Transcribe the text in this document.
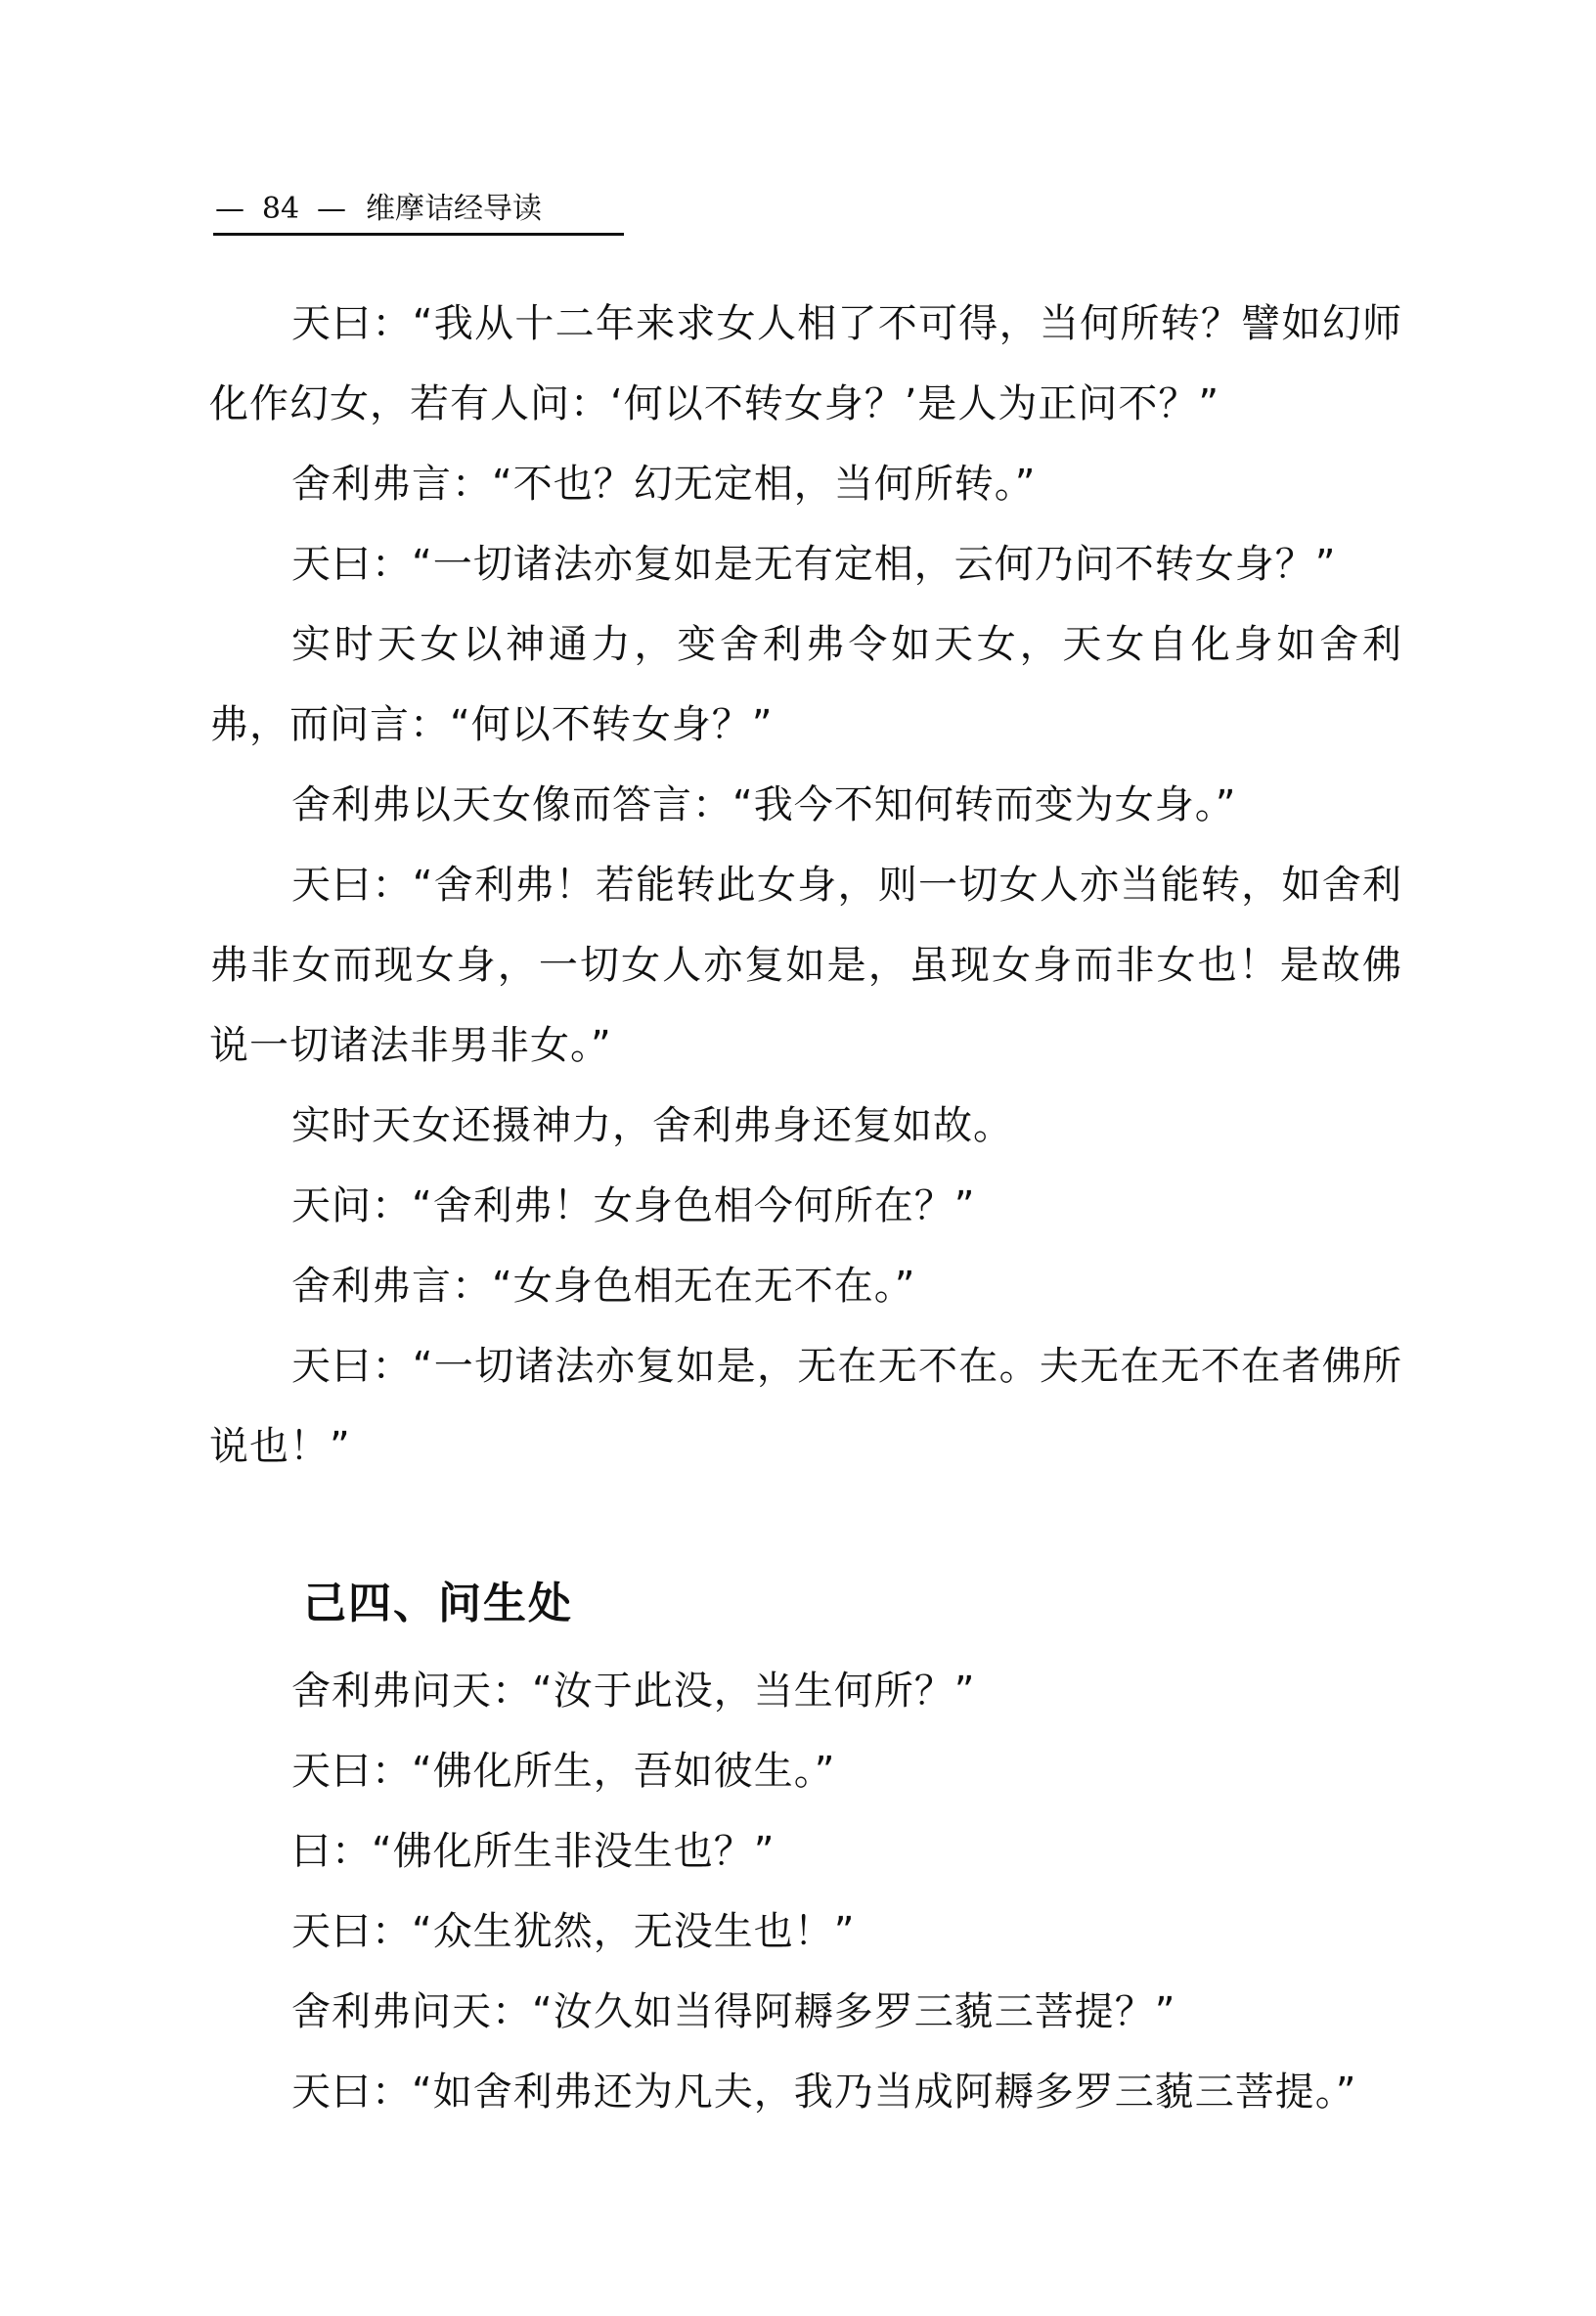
— 84 — 维摩诘经导读

天曰：“我从十二年来求女人相了不可得，当何所转？譬如幻师化作幻女，若有人问：‘何以不转女身？’是人为正问不？”

舍利弗言：“不也？幻无定相，当何所转。”

天曰：“一切诸法亦复如是无有定相，云何乃问不转女身？”

实时天女以神通力，变舍利弗令如天女，天女自化身如舍利弗，而问言：“何以不转女身？”

舍利弗以天女像而答言：“我今不知何转而变为女身。”

天曰：“舍利弗！若能转此女身，则一切女人亦当能转，如舍利弗非女而现女身，一切女人亦复如是，虽现女身而非女也！是故佛说一切诸法非男非女。”

实时天女还摄神力，舍利弗身还复如故。

天问：“舍利弗！女身色相今何所在？”

舍利弗言：“女身色相无在无不在。”

天曰：“一切诸法亦复如是，无在无不在。夫无在无不在者佛所说也！”

己四、问生处

舍利弗问天：“汝于此没，当生何所？”

天曰：“佛化所生，吾如彼生。”

曰：“佛化所生非没生也？”

天曰：“众生犹然，无没生也！”

舍利弗问天：“汝久如当得阿耨多罗三藐三菩提？”

天曰：“如舍利弗还为凡夫，我乃当成阿耨多罗三藐三菩提。”
